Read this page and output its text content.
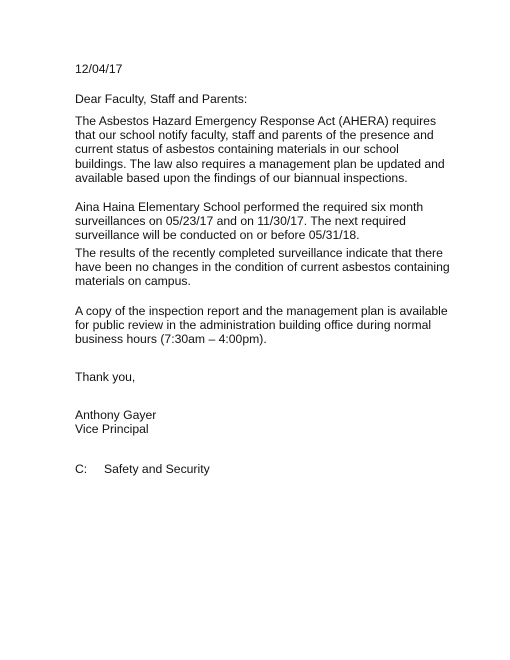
12/04/17

Dear Faculty, Staff and Parents:

The Asbestos Hazard Emergency Response Act (AHERA) requires
that our school notify faculty, staff and parents of the presence and
current status of asbestos containing materials in our school
buildings. The law also requires a management plan be updated and
available based upon the findings of our biannual inspections.
Aina Haina Elementary School performed the required six month
surveillances on 05/23/17 and on 11/30/17. The next required
surveillance will be conducted on or before 05/31/18.
The results of the recently completed surveillance indicate that there
have been no changes in the condition of current asbestos containing
materials on campus.
A copy of the inspection report and the management plan is available
for public review in the administration building office during normal
business hours (7:30am – 4:00pm).

Thank you,

Anthony Gayer

Vice Principal

C: Safety and Security
